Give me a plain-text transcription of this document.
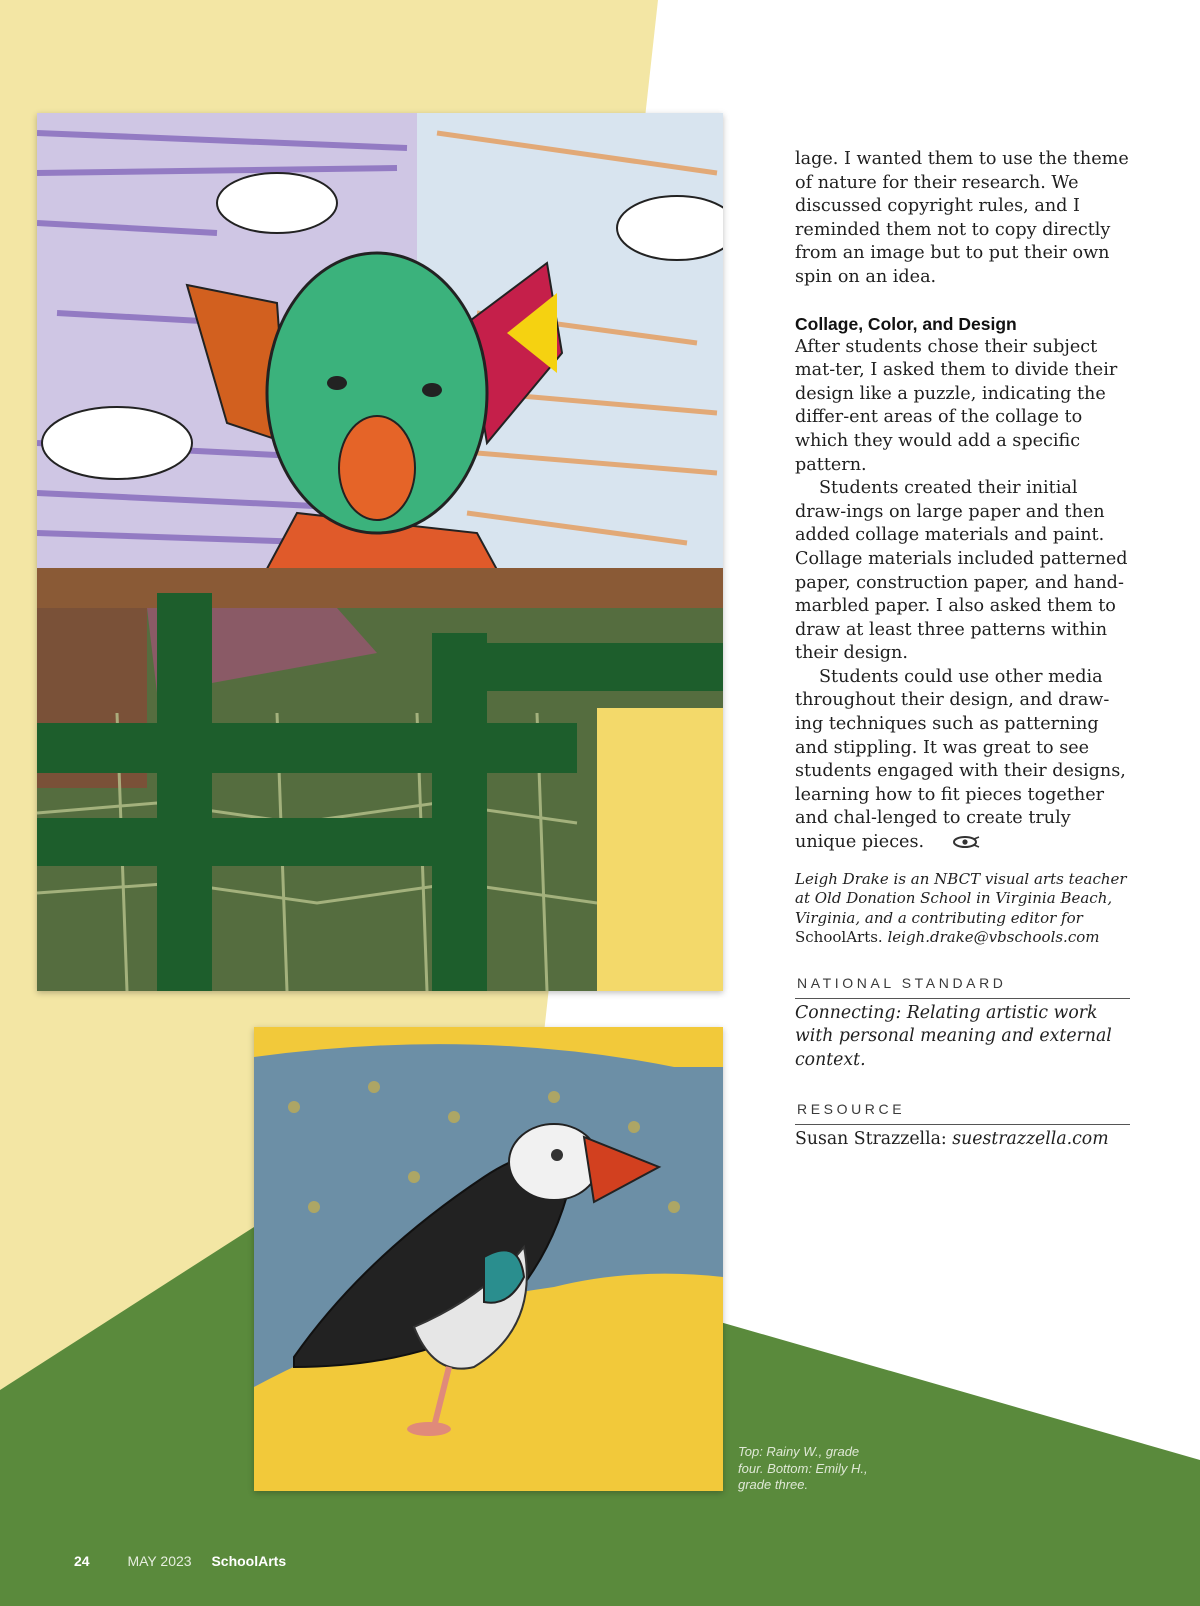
lage. I wanted them to use the theme of nature for their research. We discussed copyright rules, and I reminded them not to copy directly from an image but to put their own spin on an idea.

Collage, Color, and Design

After students chose their subject mat-ter, I asked them to divide their design like a puzzle, indicating the differ-ent areas of the collage to which they would add a specific pattern.

Students created their initial draw-ings on large paper and then added collage materials and paint. Collage materials included patterned paper, construction paper, and hand-marbled paper. I also asked them to draw at least three patterns within their design.

Students could use other media throughout their design, and draw-ing techniques such as patterning and stippling. It was great to see students engaged with their designs, learning how to fit pieces together and chal-lenged to create truly unique pieces.

Leigh Drake is an NBCT visual arts teacher at Old Donation School in Virginia Beach, Virginia, and a contributing editor for SchoolArts. leigh.drake@vbschools.com
NATIONAL STANDARD
Connecting: Relating artistic work with personal meaning and external context.
RESOURCE
Susan Strazzella: suestrazzella.com
Top: Rainy W., grade four. Bottom: Emily H., grade three.
24	MAY 2023 SchoolArts
